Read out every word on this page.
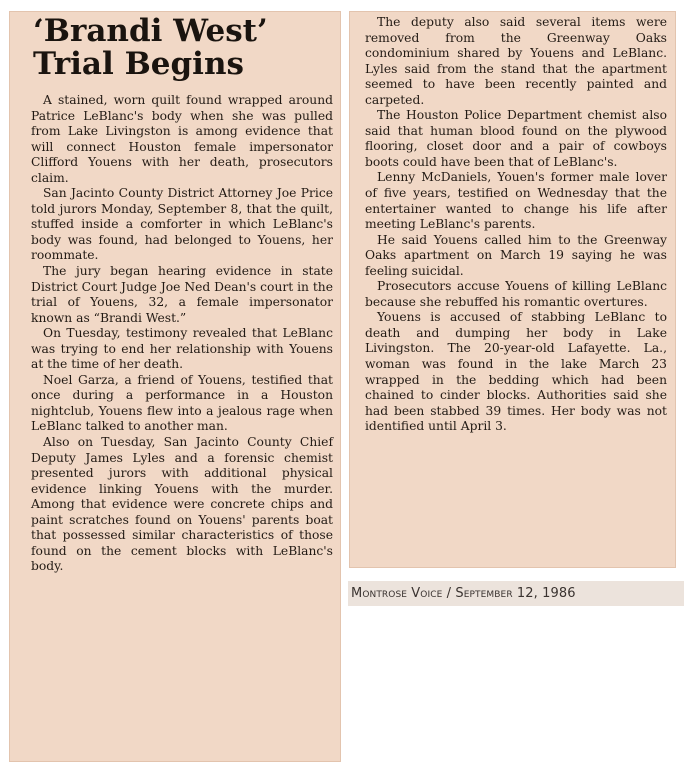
‘Brandi West’
Trial Begins

A stained, worn quilt found wrapped around Patrice LeBlanc's body when she was pulled from Lake Livingston is among evidence that will connect Houston female impersonator Clifford Youens with her death, prosecutors claim.

San Jacinto County District Attorney Joe Price told jurors Monday, September 8, that the quilt, stuffed inside a comforter in which LeBlanc's body was found, had belonged to Youens, her roommate.

The jury began hearing evidence in state District Court Judge Joe Ned Dean's court in the trial of Youens, 32, a female impersonator known as “Brandi West.”

On Tuesday, testimony revealed that LeBlanc was trying to end her relationship with Youens at the time of her death.

Noel Garza, a friend of Youens, testified that once during a performance in a Houston nightclub, Youens flew into a jealous rage when LeBlanc talked to another man.

Also on Tuesday, San Jacinto County Chief Deputy James Lyles and a forensic chemist presented jurors with additional physical evidence linking Youens with the murder. Among that evidence were concrete chips and paint scratches found on Youens' parents boat that possessed similar characteristics of those found on the cement blocks with LeBlanc's body.

The deputy also said several items were removed from the Greenway Oaks condominium shared by Youens and LeBlanc. Lyles said from the stand that the apartment seemed to have been recently painted and carpeted.

The Houston Police Department chemist also said that human blood found on the plywood flooring, closet door and a pair of cowboys boots could have been that of LeBlanc's.

Lenny McDaniels, Youen's former male lover of five years, testified on Wednesday that the entertainer wanted to change his life after meeting LeBlanc's parents.

He said Youens called him to the Greenway Oaks apartment on March 19 saying he was feeling suicidal.

Prosecutors accuse Youens of killing LeBlanc because she rebuffed his romantic overtures.

Youens is accused of stabbing LeBlanc to death and dumping her body in Lake Livingston. The 20-year-old Lafayette. La., woman was found in the lake March 23 wrapped in the bedding which had been chained to cinder blocks. Authorities said she had been stabbed 39 times. Her body was not identified until April 3.

Montrose Voice / September 12, 1986
